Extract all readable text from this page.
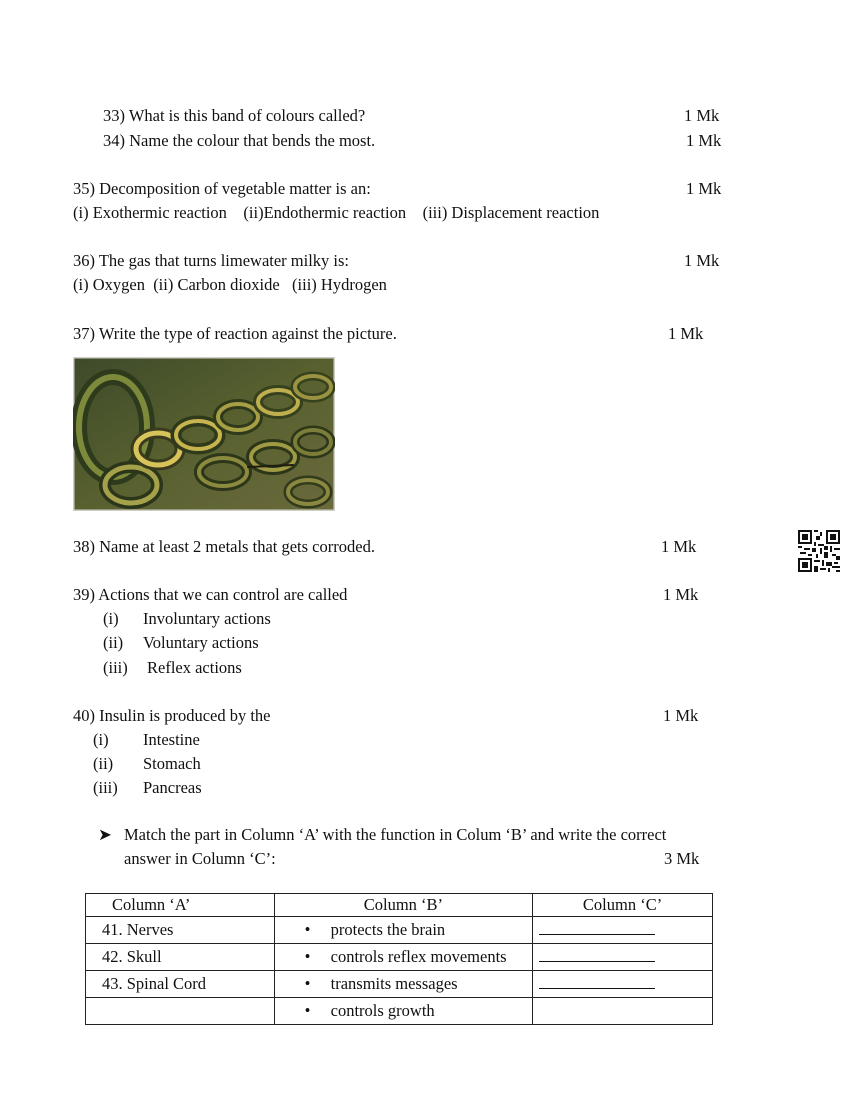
33) What is this band of colours called?	1 Mk
34) Name the colour that bends the most.	1 Mk
35) Decomposition of vegetable matter is an:	1 Mk
(i) Exothermic reaction    (ii)Endothermic reaction    (iii) Displacement reaction
36) The gas that turns limewater milky is:	1 Mk
(i) Oxygen  (ii) Carbon dioxide   (iii) Hydrogen
37) Write the type of reaction against the picture.	1 Mk
38) Name at least 2 metals that gets corroded.	1 Mk
39) Actions that we can control are called	1 Mk
(i) Involuntary actions
(ii) Voluntary actions
(iii) Reflex actions
40) Insulin is produced by the	1 Mk
(i) Intestine
(ii) Stomach
(iii) Pancreas
➤ Match the part in Column ‘A’ with the function in Colum ‘B’ and write the correct
answer in Column ‘C’:	3 Mk
Column ‘A’	Column ‘B’	Column ‘C’
41. Nerves	• protects the brain	
42. Skull	• controls reflex movements	
43. Spinal Cord	• transmits messages	
	• controls growth	
